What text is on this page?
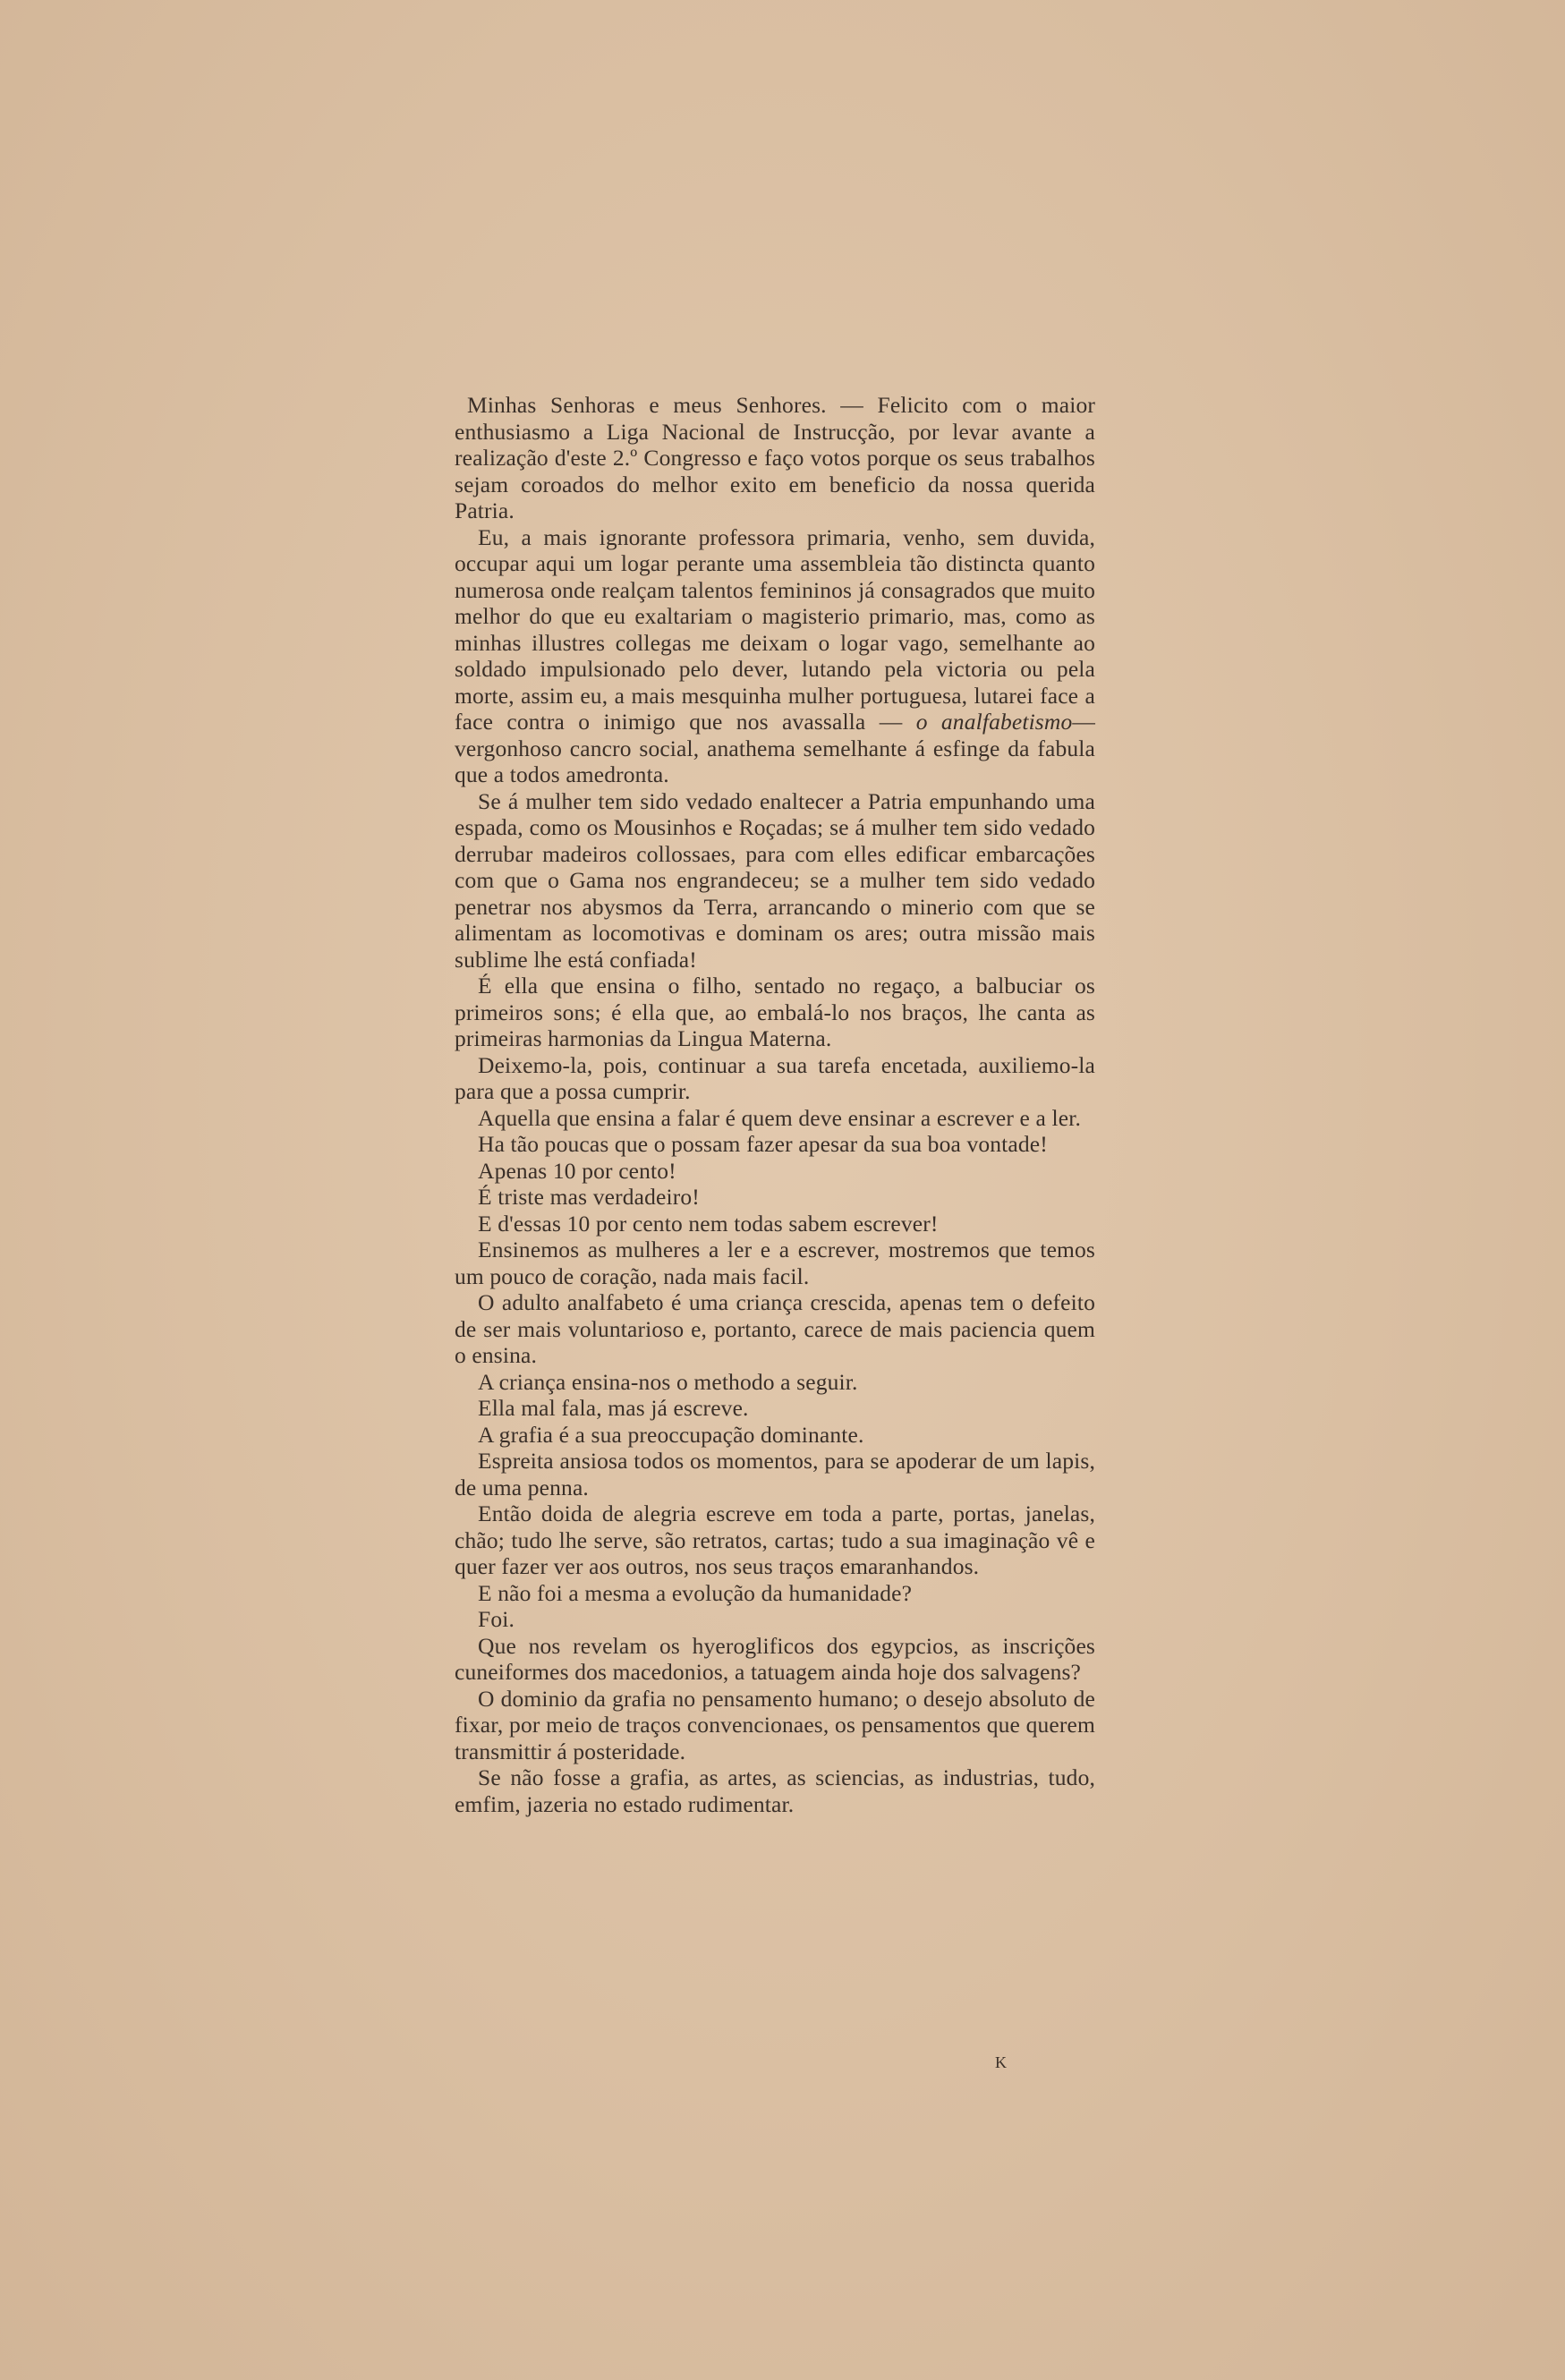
Minhas Senhoras e meus Senhores. — Felicito com o maior enthusiasmo a Liga Nacional de Instrucção, por levar avante a realização d'este 2.º Congresso e faço votos porque os seus trabalhos sejam coroados do melhor exito em beneficio da nossa querida Patria.

Eu, a mais ignorante professora primaria, venho, sem duvida, occupar aqui um logar perante uma assembleia tão distincta quanto numerosa onde realçam talentos femininos já consagrados que muito melhor do que eu exaltariam o magisterio primario, mas, como as minhas illustres collegas me deixam o logar vago, semelhante ao soldado impulsionado pelo dever, lutando pela victoria ou pela morte, assim eu, a mais mesquinha mulher portuguesa, lutarei face a face contra o inimigo que nos avassalla — o analfabetismo— vergonhoso cancro social, anathema semelhante á esfinge da fabula que a todos amedronta.

Se á mulher tem sido vedado enaltecer a Patria empunhando uma espada, como os Mousinhos e Roçadas; se á mulher tem sido vedado derrubar madeiros collossaes, para com elles edificar embarcações com que o Gama nos engrandeceu; se a mulher tem sido vedado penetrar nos abysmos da Terra, arrancando o minerio com que se alimentam as locomotivas e dominam os ares; outra missão mais sublime lhe está confiada!

É ella que ensina o filho, sentado no regaço, a balbuciar os primeiros sons; é ella que, ao embalá-lo nos braços, lhe canta as primeiras harmonias da Lingua Materna.

Deixemo-la, pois, continuar a sua tarefa encetada, auxiliemo-la para que a possa cumprir.

Aquella que ensina a falar é quem deve ensinar a escrever e a ler.

Ha tão poucas que o possam fazer apesar da sua boa vontade!

Apenas 10 por cento!

É triste mas verdadeiro!

E d'essas 10 por cento nem todas sabem escrever!

Ensinemos as mulheres a ler e a escrever, mostremos que temos um pouco de coração, nada mais facil.

O adulto analfabeto é uma criança crescida, apenas tem o defeito de ser mais voluntarioso e, portanto, carece de mais paciencia quem o ensina.

A criança ensina-nos o methodo a seguir.

Ella mal fala, mas já escreve.

A grafia é a sua preoccupação dominante.

Espreita ansiosa todos os momentos, para se apoderar de um lapis, de uma penna.

Então doida de alegria escreve em toda a parte, portas, janelas, chão; tudo lhe serve, são retratos, cartas; tudo a sua imaginação vê e quer fazer ver aos outros, nos seus traços emaranhandos.

E não foi a mesma a evolução da humanidade?

Foi.

Que nos revelam os hyeroglificos dos egypcios, as inscrições cuneiformes dos macedonios, a tatuagem ainda hoje dos salvagens?

O dominio da grafia no pensamento humano; o desejo absoluto de fixar, por meio de traços convencionaes, os pensamentos que querem transmittir á posteridade.

Se não fosse a grafia, as artes, as sciencias, as industrias, tudo, emfim, jazeria no estado rudimentar.

K
